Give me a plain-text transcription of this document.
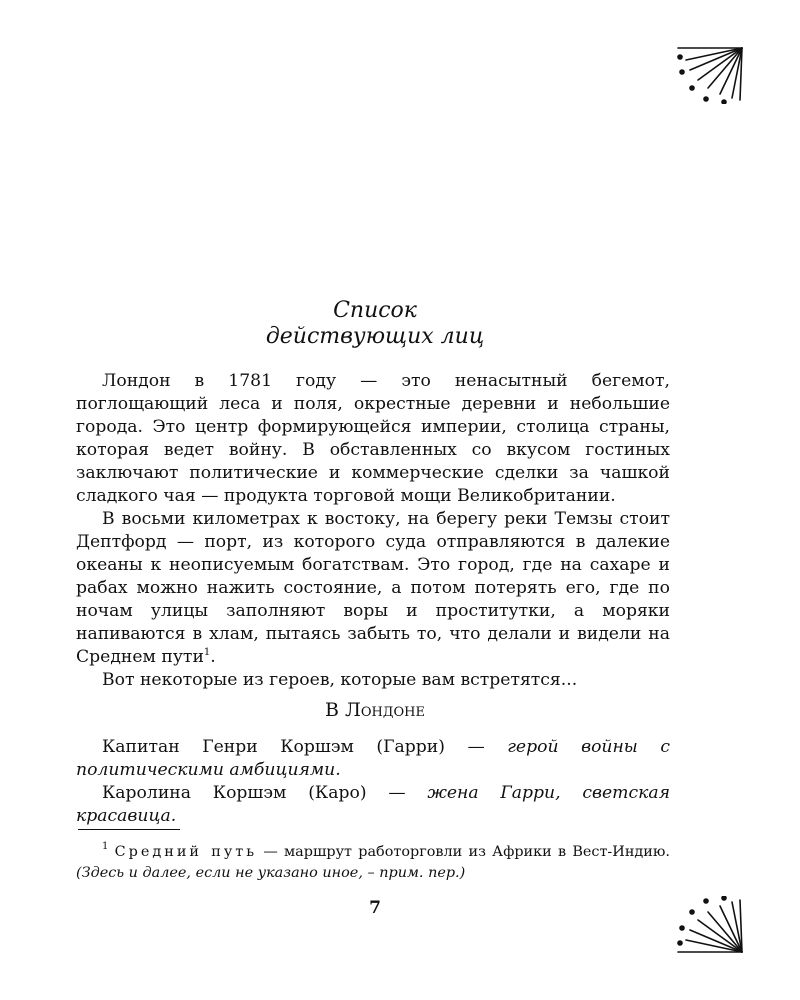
Список
действующих лиц

Лондон в 1781 году — это ненасытный бегемот, поглощающий леса и поля, окрестные деревни и небольшие города. Это центр формирующейся империи, столица страны, которая ведет войну. В обставленных со вкусом гостиных заключают политические и коммерческие сделки за чашкой сладкого чая — продукта торговой мощи Великобритании.

В восьми километрах к востоку, на берегу реки Темзы стоит Дептфорд — порт, из которого суда отправляются в далекие океаны к неописуемым богатствам. Это город, где на сахаре и рабах можно нажить состояние, а потом потерять его, где по ночам улицы заполняют воры и проститутки, а моряки напиваются в хлам, пытаясь забыть то, что делали и видели на Среднем пути$^1$.

Вот некоторые из героев, которые вам встретятся...

В Лондоне

Капитан Генри Коршэм (Гарри) — герой войны с политическими амбициями.

Каролина Коршэм (Каро) — жена Гарри, светская красавица.

$^1$ Средний путь — маршрут работорговли из Африки в Вест-Индию. (Здесь и далее, если не указано иное, – прим. пер.)

7
